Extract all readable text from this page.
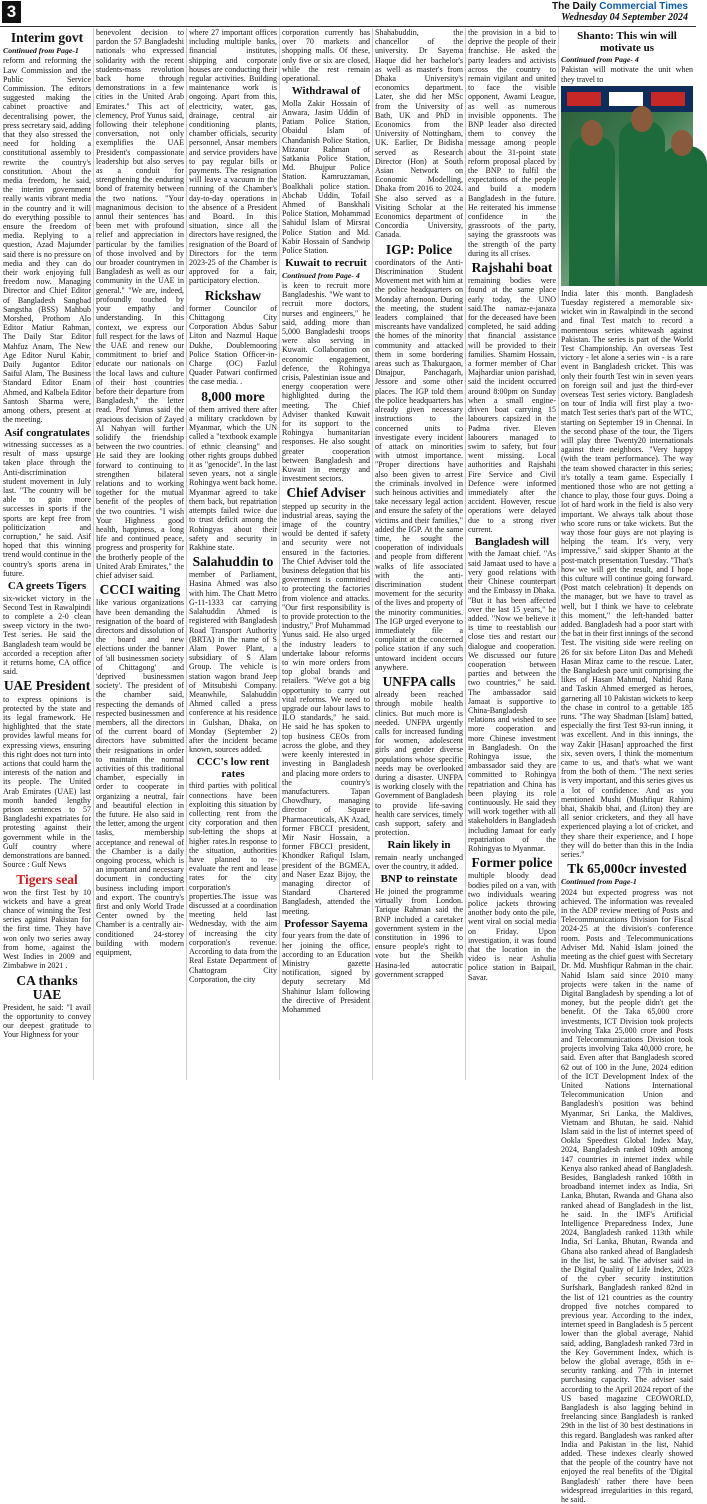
3	The Daily Commercial Times
Wednesday 04 September 2024
Interim govt
Continued from Page-1

reform and reforming the Law Commission and the Public Service Commission. The editors suggested making the cabinet proactive and decentralising power, the press secretary said, adding that they also stressed the need for holding a constitutional assembly to rewrite the country's constitution. About the media freedom, he said, the interim government really wants vibrant media in the country and it will do everything possible to ensure the freedom of media. Replying to a question, Azad Majumder said there is no pressure on media and they can do their work enjoying full freedom now. Managing Director and Chief Editor of Bangladesh Sangbad Sangstha (BSS) Mahbub Morshed, Prothom Alo Editor Matiur Rahman, The Daily Star Editor Mahfuz Anam, The New Age Editor Nurul Kabir, Daily Jugantor Editor Saiful Alam, The Business Standard Editor Enam Ahmed, and Kalbela Editor Santosh Sharma were, among others, present at the meeting.

Asif congratulates

witnessing successes as a result of mass upsurge taken place through the Anti-discrimination student movement in July last. "The country will be able to gain more successes in sports if the sports are kept free from politicization and corruption," he said. Asif hoped that this winning trend would continue in the country's sports arena in future.

CA greets Tigers

six-wicket victory in the Second Test in Rawalpindi to complete a 2-0 clean sweep victory in the two-Test series. He said the Bangladesh team would be accorded a reception after it returns home, CA office said.

UAE President

to express opinions is protected by the state and its legal framework. He highlighted that the state provides lawful means for expressing views, ensuring this right does not turn into actions that could harm the interests of the nation and its people. The United Arab Emirates (UAE) last month handed lengthy prison sentences to 57 Bangladeshi expatriates for protesting against their government while in the Gulf country where demonstrations are banned. Source : Gulf News

Tigers seal

won the first Test by 10 wickets and have a great chance of winning the Test series against Pakistan for the first time. They have won only two series away from home, against the West Indies in 2009 and Zimbabwe in 2021 .

CA thanks UAE

President, he said: "I avail the opportunity to convey our deepest gratitude to Your Highness for your

benevolent decision to pardon the 57 Bangladeshi nationals who expressed solidarity with the recent students-mass revolution back home through demonstrations in a few cities in the United Arab Emirates." This act of clemency, Prof Yunus said, following their telephone conversation, not only exemplifies the UAE President's compassionate leadership but also serves as a conduit for strengthening the enduring bond of fraternity between the two nations. "Your magnanimous decision to annul their sentences has been met with profound relief and appreciation in particular by the families of those involved and by our broader countrymen in Bangladesh as well as our community in the UAE in general." "We are, indeed, profoundly touched by your empathy and understanding. In this context, we express our full respect for the laws of the UAE and renew our commitment to brief and educate our nationals on the local laws and culture of their host countries before their departure from Bangladesh," the letter read. Prof Yunus said the gracious decision of Zayed Al Nahyan will further solidify the friendship between the two countries. He said they are looking forward to continuing to strengthen bilateral relations and to working together for the mutual benefit of the peoples of the two countries. "I wish Your Highness good health, happiness, a long life and continued peace, progress and prosperity for the brotherly people of the United Arab Emirates," the chief adviser said.

CCCI waiting

like various organizations have been demanding the resignation of the board of directors and dissolution of the board and new elections under the banner of 'all businessmen society of Chittagong' and 'deprived businessmen society'. The president of the chamber said, respecting the demands of respected businessmen and members, all the directors of the current board of directors have submitted their resignations in order to maintain the normal activities of this traditional chamber, especially in order to cooperate in organizing a neutral, fair and beautiful election in the future. He also said in the letter, among the urgent tasks, membership acceptance and renewal of the Chamber is a daily ongoing process, which is an important and necessary document in conducting business including import and export. The country's first and only World Trade Center owned by the Chamber is a centrally air-conditioned 24-storey building with modern equipment,

where 27 important offices including multiple banks, financial institutes, shipping and corporate houses are conducting their regular activities. Building maintenance work is ongoing. Apart from this, electricity, water, gas, drainage, central air conditioning plants, chamber officials, security personnel, Ansar members and service providers have to pay regular bills or payments. The resignation will leave a vacuum in the running of the Chamber's day-to-day operations in the absence of a President and Board. In this situation, since all the directors have resigned, the resignation of the Board of Directors for the term 2023-25 of the Chamber is approved for a fair, participatory election.

Rickshaw

former Councilor of Chittagong City Corporation Abdus Sabur Liton and Nazmul Haque Dukhe, Doublemooring Police Station Officer-in-Charge (OC) Fazlul Quader Patwari confirmed the case media. .

8,000 more

of them arrived there after a military crackdown by Myanmar, which the UN called a "textbook example of ethnic cleansing" and other rights groups dubbed it as "genocide". In the last seven years, not a single Rohingya went back home. Myanmar agreed to take them back, but repatriation attempts failed twice due to trust deficit among the Rohingyas about their safety and security in Rakhine state.

Salahuddin to

member of Parliament, Hasina Ahmed was also with him. The Chatt Metro G-11-1333 car carrying Salahuddin Ahmed is registered with Bangladesh Road Transport Authority (BRTA) in the name of S Alam Power Plant, a subsidiary of S Alam Group. The vehicle is station wagon brand Jeep of Mitsubishi Company. Meanwhile, Salahuddin Ahmed called a press conference at his residence in Gulshan, Dhaka, on Monday (September 2) after the incident became known, sources added.

CCC's low rent rates

third parties with political connections have been exploiting this situation by collecting rent from the city corporation and then sub-letting the shops at higher rates.In response to the situation, authorities have planned to re-evaluate the rent and lease rates for the city corporation's properties.The issue was discussed at a coordination meeting held last Wednesday, with the aim of increasing the city corporation's revenue. According to data from the Real Estate Department of Chattogram City Corporation, the city

corporation currently has over 70 markets and shopping malls. Of these, only five or six are closed, while the rest remain operational.

Withdrawal of

Molla Zakir Hossain of Anwara, Jasim Uddin of Patiam Police Station, Obaidul Islam of Chandanish Police Station, Mizanur Rahman of Satkania Police Station, Md. Bhujpur Police Station. Kamruzzaman, Boalkhali police station. Abchab Uddin, Tofail Ahmed of Banskhali Police Station, Mohammad Sahidul Islam of Mirsrai Police Station and Md. Kabir Hossain of Sandwip Police Station.

Kuwait to recruit
Continued from Page- 4

is keen to recruit more Bangladeshis. "We want to recruit more doctors, nurses and engineers," he said, adding more than 5,000 Bangladeshi troops were also serving in Kuwait. Collaboration on economic engagement, defence, the Rohingya crisis, Palestinian issue and energy cooperation were highlighted during the meeting. The Chief Adviser thanked Kuwait for its support to the Rohingya humanitarian responses. He also sought greater cooperation between Bangladesh and Kuwait in energy and investment sectors.

Chief Adviser

stepped up security in the industrial areas, saying the image of the country would be dented if safety and security were not ensured in the factories. The Chief Adviser told the business delegation that his government is committed to protecting the factories from violence and attacks. "Our first responsibility is to provide protection to the industry," Prof Muhammad Yunus said. He also urged the industry leaders to undertake labour reforms to win more orders from top global brands and retailers. "We've got a big opportunity to carry out vital reforms. We need to upgrade our labour laws to ILO standards," he said. He said he has spoken to top business CEOs from across the globe, and they were keenly interested in investing in Bangladesh and placing more orders to the country's manufacturers. Tapan Chowdhury, managing director of Square Pharmaceuticals, AK Azad, former FBCCI president, Mir Nasir Hossain, a former FBCCI president, Khondker Rafiqul Islam, president of the BGMEA, and Naser Ezaz Bijoy, the managing director of Standard Chartered Bangladesh, attended the meeting.

Professor Sayema

four years from the date of her joining the office, according to an Education Ministry gazette notification, signed by deputy secretary Md Shahinur Islam following the directive of President Mohammed

Shahabuddin, the chancellor of the university. Dr Sayema Haque did her bachelor's as well as master's from Dhaka University's economics department. Later, she did her MSc from the University of Bath, UK and PhD in Economics from the University of Nottingham, UK. Earlier, Dr Bidisha served as Research Director (Hon) at South Asian Network on Economic Modelling, Dhaka from 2016 to 2024. She also served as a Visiting Scholar at the Economics department of Concordia University, Canada.

IGP: Police

coordinators of the Anti-Discrimination Student Movement met with him at the police headquarters on Monday afternoon. During the meeting, the student leaders complained that miscreants have vandalized the homes of the minority community and attacked them in some bordering areas such as Thakurgaon, Dinajpur, Panchagarh, Jessore and some other places. The IGP told them the police headquarters has already given necessary instructions to the concerned units to investigate every incident of attack on minorities with utmost importance. "Proper directions have also been given to arrest the criminals involved in such heinous activities and take necessary legal action and ensure the safety of the victims and their families," added the IGP. At the same time, he sought the cooperation of individuals and people from different walks of life associated with the anti-discrimination student movement for the security of the lives and property of the minority communities. The IGP urged everyone to immediately file a complaint at the concerned police station if any such untoward incident occurs anywhere.

UNFPA calls

already been reached through mobile health clinics. But much more is needed. UNFPA urgently calls for increased funding for women, adolescent girls and gender diverse populations whose specific needs may be overlooked during a disaster. UNFPA is working closely with the Government of Bangladesh to provide life-saving health care services, timely cash support, safety and protection.

Rain likely in

remain nearly unchanged over the country, it added.

BNP to reinstate

He joined the programme virtually from London. Tarique Rahman said the BNP included a caretaker government system in the constitution in 1996 to ensure people's right to vote but the Sheikh Hasina-led autocratic government scrapped

the provision in a bid to deprive the people of their franchise. He asked the party leaders and activists across the country to remain vigilant and united to face the visible opponent, Awami League, as well as numerous invisible opponents. The BNP leader also directed them to convey the message among people about the 31-point state reform proposal placed by the BNP to fulfil the expectations of the people and build a modern Bangladesh in the future. He reiterated his immense confidence in the grassroots of the party, saying the grassroots was the strength of the party during its all crises.

Rajshahi boat

remaining bodies were found at the same place early today, the UNO said.The namaz-e-janaza for the deceased have been completed, he said adding that financial assistance will be provided to their families. Shamim Hossain, a former member of Char Majhardiar union parishad, said the incident occurred around 8:00pm on Sunday when a small engine-driven boat carrying 15 labourers capsized in the Padma river. Eleven labourers managed to swim to safety, but four went missing. Local authorities and Rajshahi Fire Service and Civil Defence were informed immediately after the accident. However, rescue operations were delayed due to a strong river current.

Bangladesh will

with the Jamaat chief. "As said Jamaat used to have a very good relations with their Chinese counterpart and the Embassy in Dhaka. "But it has been affected over the last 15 years," he added. "Now we believe it is time to reestablish our close ties and restart our dialogue and cooperation. We discussed our future cooperation between parties and between the two countries," he said. The ambassador said Jamaat is supportive to China-Bangladesh relations and wished to see more cooperation and more Chinese investment in Bangladesh. On the Rohingya issue, the ambassador said they are committed to Rohingya repatriation and China has been playing its role continuously. He said they will work together with all stakeholders in Bangladesh including Jamaat for early repatriation of the Rohingyas to Myanmar.

Former police

multiple bloody dead bodies piled on a van, with two individuals wearing police jackets throwing another body onto the pile, went viral on social media on Friday. Upon investigation, it was found that the location in the video is near Ashulia police station in Baipail, Savar.

Shanto: This win will motivate us
Continued from Page- 4

Pakistan will motivate the unit when they travel to

India later this month. Bangladesh Tuesday registered a memorable six-wicket win in Rawalpindi in the second and final Test match to record a momentous series whitewash against Pakistan. The series is part of the World Test Championship. An overseas Test victory - let alone a series win - is a rare event in Bangladesh cricket. This was only their fourth Test win in seven years on foreign soil and just the third-ever overseas Test series victory. Bangladesh on tour of India will first play a two-match Test series that's part of the WTC, starting on September 19 in Chennai. In the second phase of the tour, the Tigers will play three Twenty20 internationals against their neighbors. "Very happy (with the team performance). The way the team showed character in this series; it's totally a team game. Especially I mentioned those who are not getting a chance to play, those four guys. Doing a lot of hard work in the field is also very important. We always talk about those who score runs or take wickets. But the way those four guys are not playing is helping the team. It's very, very impressive," said skipper Shanto at the post-match presentation Tuesday. "That's how we will get the result, and I hope this culture will continue going forward. (Post match celebration) It depends on the manager, but we have to travel as well, but I think we have to celebrate this moment," the left-handed batter added. Bangladesh had a poor start with the bat in their first innings of the second Test. The visiting side were reeling on 26 for six before Liton Das and Mehedi Hasan Miraz came to the rescue. Later, the Bangladesh pace unit comprising the likes of Hasan Mahmud, Nahid Rana and Taskin Ahmed emerged as heroes, garnering all 10 Pakistan wickets to keep the chase in control to a gettable 185 runs. "The way Shadman [Islam] batted, especially the first Test 93-run inning, it was excellent. And in this innings, the way Zakir [Hasan] approached the first six, seven overs, I think the momentum came to us, and that's what we want from the both of them. "The next series is very important, and this series gives us a lot of confidence. And as you mentioned Mushi (Mushfiqur Rahim) bhai, Shakib bhai, and (Liton) they are all senior cricketers, and they all have experienced playing a lot of cricket, and they share their experience, and I hope they will do better than this in the India series."

Tk 65,000cr invested
Continued from Page-1

2024 but expected progress was not achieved. The information was revealed in the ADP review meeting of Posts and Telecommunications Division for Fiscal 2024-25 at the division's conference room. Posts and Telecommunications Adviser Md. Nahid Islam joined the meeting as the chief guest with Secretary Dr. Md. Mushfiqur Rahman in the chair. Nahid Islam said since 2010 many projects were taken in the name of Digital Bangladesh by spending a lot of money, but the people didn't get the benefit. Of the Taka 65,000 crore investments, ICT Division took projects involving Taka 25,000 crore and Posts and Telecommunications Division took projects involving Taka 40,000 crore, he said. Even after that Bangladesh scored 62 out of 100 in the June, 2024 edition of the ICT Development Index of the United Nations International Telecommunication Union and Bangladesh's position was behind Myanmar, Sri Lanka, the Maldives, Vietnam and Bhutan, he said. Nahid Islam said in the list of internet speed of Ookla Speedtest Global Index May, 2024, Bangladesh ranked 109th among 147 countries in internet index while Kenya also ranked ahead of Bangladesh. Besides, Bangladesh ranked 108th in broadband internet index as India, Sri Lanka, Bhutan, Rwanda and Ghana also ranked ahead of Bangladesh in the list, he said. In the IMF's Artificial Intelligence Preparedness Index, June 2024, Bangladesh ranked 113th while India, Sri Lanka, Bhutan, Rwanda and Ghana also ranked ahead of Bangladesh in the list, he said. The adviser said in the Digital Quality of Life Index, 2023 of the cyber security institution Surfshark, Bangladesh ranked 82nd in the list of 121 countries as the country dropped five notches compared to previous year. According to the index, internet speed in Bangladesh is 5 percent lower than the global average, Nahid said, adding, Bangladesh ranked 73rd in the Key Government Index, which is below the global average, 85th in e-security ranking and 77th in internet purchasing capacity. The adviser said according to the April 2024 report of the US based magazine CEOWORLD, Bangladesh is also lagging behind in freelancing since Bangladesh is ranked 29th in the list of 30 best destinations in this regard. Bangladesh was ranked after India and Pakistan in the list, Nahid added. These indexes clearly showed that the people of the country have not enjoyed the real benefits of the 'Digital Bangladesh' rather there have been widespread irregularities in this regard, he said.
